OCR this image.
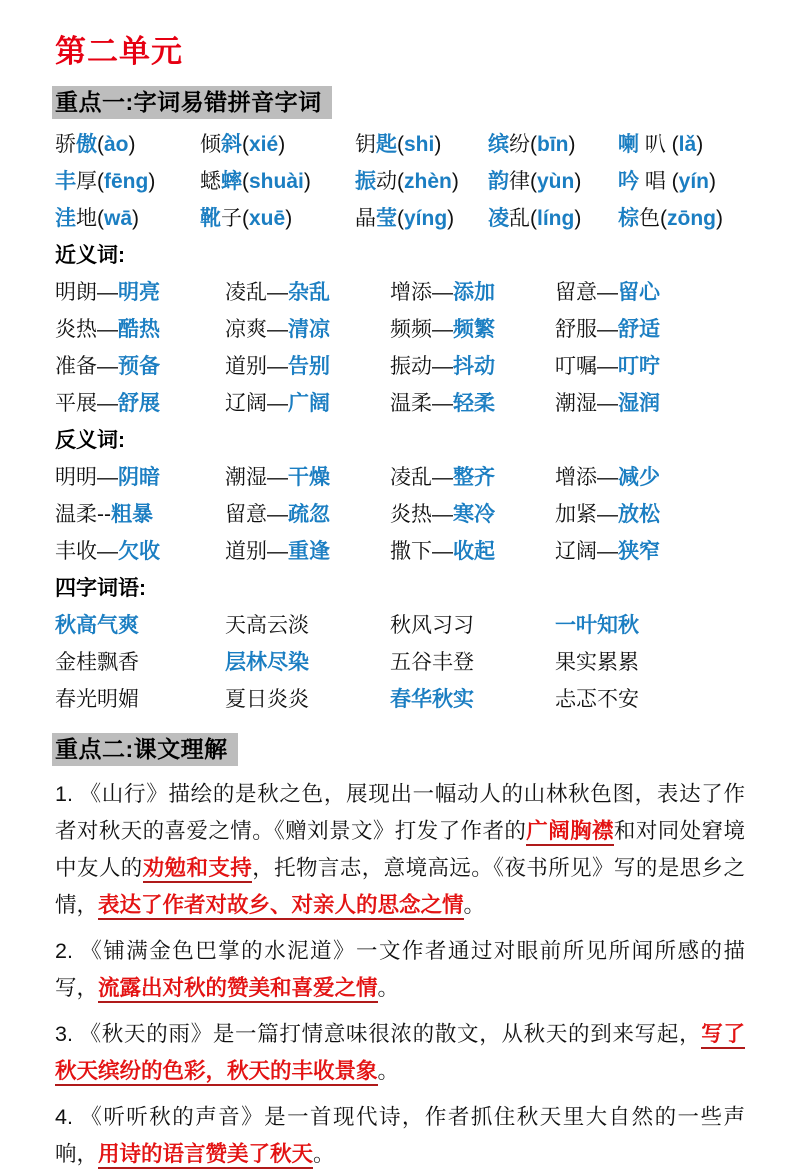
第二单元
重点一:字词易错拼音字词
骄傲(ào)	倾斜(xié)	钥匙(shi)	缤纷(bīn)	喇 叭 (lǎ)
丰厚(fēng)	蟋蟀(shuài)	振动(zhèn)	韵律(yùn)	吟 唱 (yín)
洼地(wā)	靴子(xuē)	晶莹(yíng)	凌乱(líng)	棕色(zōng)
近义词:
明朗—明亮	凌乱—杂乱	增添—添加	留意—留心
炎热—酷热	凉爽—清凉	频频—频繁	舒服—舒适
准备—预备	道别—告别	振动—抖动	叮嘱—叮咛
平展—舒展	辽阔—广阔	温柔—轻柔	潮湿—湿润
反义词:
明明—阴暗	潮湿—干燥	凌乱—整齐	增添—减少
温柔--粗暴	留意—疏忽	炎热—寒冷	加紧—放松
丰收—欠收	道别—重逢	撒下—收起	辽阔—狭窄
四字词语:
秋高气爽	天高云淡	秋风习习	一叶知秋
金桂飘香	层林尽染	五谷丰登	果实累累
春光明媚	夏日炎炎	春华秋实	忐忑不安
重点二:课文理解

1. 《山行》描绘的是秋之色，展现出一幅动人的山林秋色图，表达了作者对秋天的喜爱之情。《赠刘景文》打发了作者的广阔胸襟和对同处窘境中友人的劝勉和支持，托物言志，意境高远。《夜书所见》写的是思乡之情，表达了作者对故乡、对亲人的思念之情。

2. 《铺满金色巴掌的水泥道》一文作者通过对眼前所见所闻所感的描写，流露出对秋的赞美和喜爱之情。

3. 《秋天的雨》是一篇打情意味很浓的散文，从秋天的到来写起，写了秋天缤纷的色彩，秋天的丰收景象。

4. 《听听秋的声音》是一首现代诗，作者抓住秋天里大自然的一些声响，用诗的语言赞美了秋天。
